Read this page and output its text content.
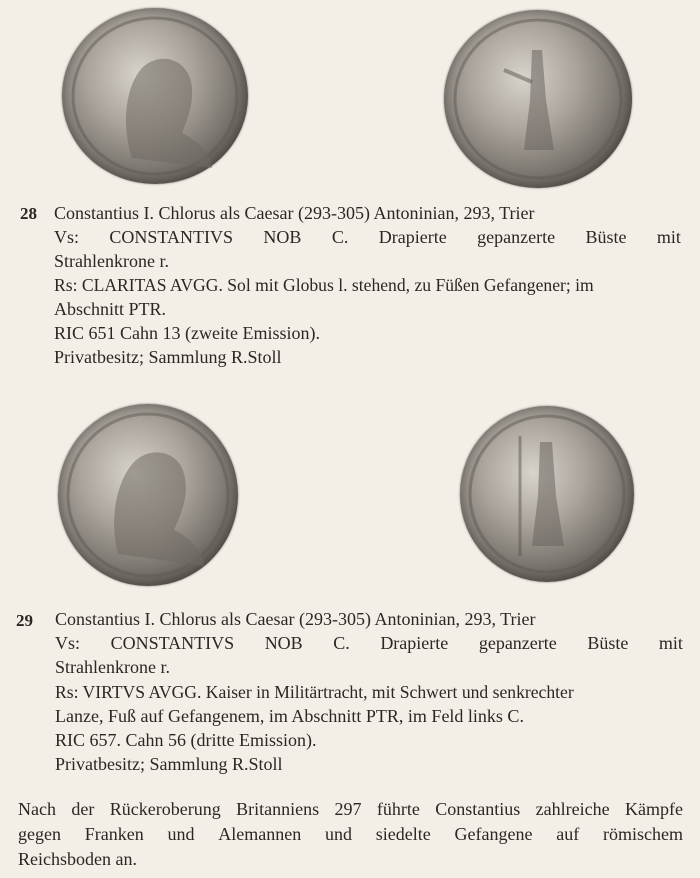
28 Constantius I. Chlorus als Caesar (293-305) Antoninian, 293, Trier
Vs: CONSTANTIVS NOB C. Drapierte gepanzerte Büste mit
Strahlenkrone r.
Rs: CLARITAS AVGG. Sol mit Globus l. stehend, zu Füßen Gefangener; im
Abschnitt PTR.
RIC 651 Cahn 13 (zweite Emission).
Privatbesitz; Sammlung R.Stoll
29 Constantius I. Chlorus als Caesar (293-305) Antoninian, 293, Trier
Vs: CONSTANTIVS NOB C. Drapierte gepanzerte Büste mit
Strahlenkrone r.
Rs: VIRTVS AVGG. Kaiser in Militärtracht, mit Schwert und senkrechter
Lanze, Fuß auf Gefangenem, im Abschnitt PTR, im Feld links C.
RIC 657. Cahn 56 (dritte Emission).
Privatbesitz; Sammlung R.Stoll
Nach der Rückeroberung Britanniens 297 führte Constantius zahlreiche Kämpfe
gegen Franken und Alemannen und siedelte Gefangene auf römischem
Reichsboden an.
